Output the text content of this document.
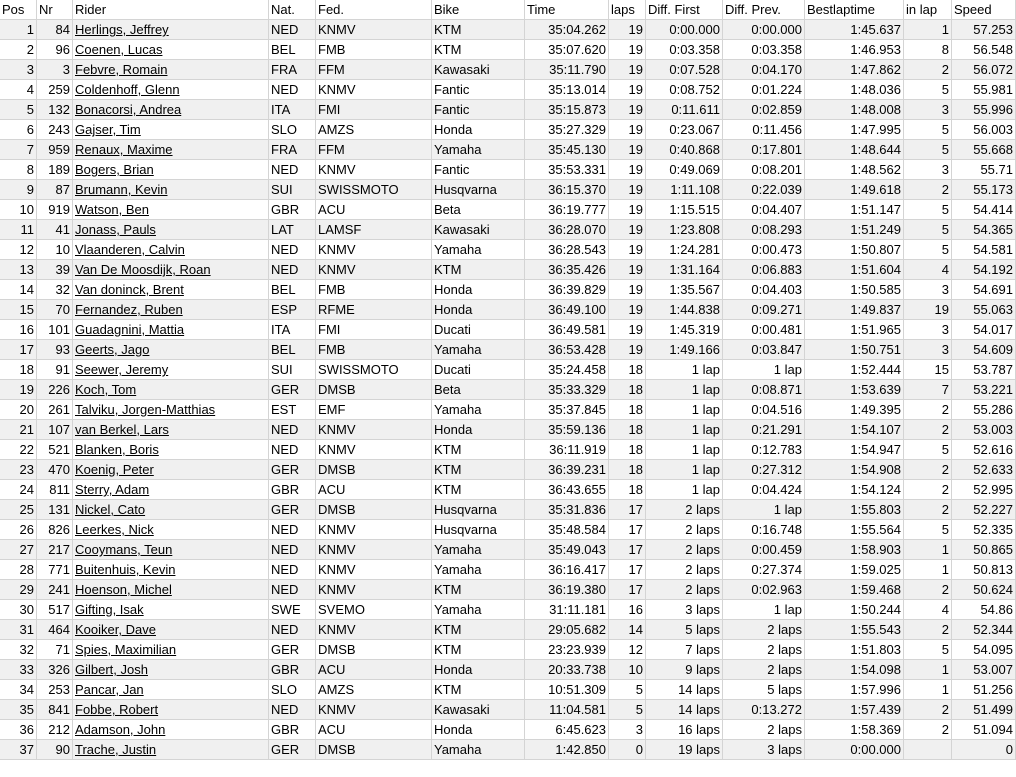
Pos	Nr	Rider	Nat.	Fed.	Bike	Time	laps	Diff. First	Diff. Prev.	Bestlaptime	in lap	Speed
1	84	Herlings, Jeffrey	NED	KNMV	KTM	35:04.262	19	0:00.000	0:00.000	1:45.637	1	57.253
2	96	Coenen, Lucas	BEL	FMB	KTM	35:07.620	19	0:03.358	0:03.358	1:46.953	8	56.548
3	3	Febvre, Romain	FRA	FFM	Kawasaki	35:11.790	19	0:07.528	0:04.170	1:47.862	2	56.072
4	259	Coldenhoff, Glenn	NED	KNMV	Fantic	35:13.014	19	0:08.752	0:01.224	1:48.036	5	55.981
5	132	Bonacorsi, Andrea	ITA	FMI	Fantic	35:15.873	19	0:11.611	0:02.859	1:48.008	3	55.996
6	243	Gajser, Tim	SLO	AMZS	Honda	35:27.329	19	0:23.067	0:11.456	1:47.995	5	56.003
7	959	Renaux, Maxime	FRA	FFM	Yamaha	35:45.130	19	0:40.868	0:17.801	1:48.644	5	55.668
8	189	Bogers, Brian	NED	KNMV	Fantic	35:53.331	19	0:49.069	0:08.201	1:48.562	3	55.71
9	87	Brumann, Kevin	SUI	SWISSMOTO	Husqvarna	36:15.370	19	1:11.108	0:22.039	1:49.618	2	55.173
10	919	Watson, Ben	GBR	ACU	Beta	36:19.777	19	1:15.515	0:04.407	1:51.147	5	54.414
11	41	Jonass, Pauls	LAT	LAMSF	Kawasaki	36:28.070	19	1:23.808	0:08.293	1:51.249	5	54.365
12	10	Vlaanderen, Calvin	NED	KNMV	Yamaha	36:28.543	19	1:24.281	0:00.473	1:50.807	5	54.581
13	39	Van De Moosdijk, Roan	NED	KNMV	KTM	36:35.426	19	1:31.164	0:06.883	1:51.604	4	54.192
14	32	Van doninck, Brent	BEL	FMB	Honda	36:39.829	19	1:35.567	0:04.403	1:50.585	3	54.691
15	70	Fernandez, Ruben	ESP	RFME	Honda	36:49.100	19	1:44.838	0:09.271	1:49.837	19	55.063
16	101	Guadagnini, Mattia	ITA	FMI	Ducati	36:49.581	19	1:45.319	0:00.481	1:51.965	3	54.017
17	93	Geerts, Jago	BEL	FMB	Yamaha	36:53.428	19	1:49.166	0:03.847	1:50.751	3	54.609
18	91	Seewer, Jeremy	SUI	SWISSMOTO	Ducati	35:24.458	18	1 lap	1 lap	1:52.444	15	53.787
19	226	Koch, Tom	GER	DMSB	Beta	35:33.329	18	1 lap	0:08.871	1:53.639	7	53.221
20	261	Talviku, Jorgen-Matthias	EST	EMF	Yamaha	35:37.845	18	1 lap	0:04.516	1:49.395	2	55.286
21	107	van Berkel, Lars	NED	KNMV	Honda	35:59.136	18	1 lap	0:21.291	1:54.107	2	53.003
22	521	Blanken, Boris	NED	KNMV	KTM	36:11.919	18	1 lap	0:12.783	1:54.947	5	52.616
23	470	Koenig, Peter	GER	DMSB	KTM	36:39.231	18	1 lap	0:27.312	1:54.908	2	52.633
24	811	Sterry, Adam	GBR	ACU	KTM	36:43.655	18	1 lap	0:04.424	1:54.124	2	52.995
25	131	Nickel, Cato	GER	DMSB	Husqvarna	35:31.836	17	2 laps	1 lap	1:55.803	2	52.227
26	826	Leerkes, Nick	NED	KNMV	Husqvarna	35:48.584	17	2 laps	0:16.748	1:55.564	5	52.335
27	217	Cooymans, Teun	NED	KNMV	Yamaha	35:49.043	17	2 laps	0:00.459	1:58.903	1	50.865
28	771	Buitenhuis, Kevin	NED	KNMV	Yamaha	36:16.417	17	2 laps	0:27.374	1:59.025	1	50.813
29	241	Hoenson, Michel	NED	KNMV	KTM	36:19.380	17	2 laps	0:02.963	1:59.468	2	50.624
30	517	Gifting, Isak	SWE	SVEMO	Yamaha	31:11.181	16	3 laps	1 lap	1:50.244	4	54.86
31	464	Kooiker, Dave	NED	KNMV	KTM	29:05.682	14	5 laps	2 laps	1:55.543	2	52.344
32	71	Spies, Maximilian	GER	DMSB	KTM	23:23.939	12	7 laps	2 laps	1:51.803	5	54.095
33	326	Gilbert, Josh	GBR	ACU	Honda	20:33.738	10	9 laps	2 laps	1:54.098	1	53.007
34	253	Pancar, Jan	SLO	AMZS	KTM	10:51.309	5	14 laps	5 laps	1:57.996	1	51.256
35	841	Fobbe, Robert	NED	KNMV	Kawasaki	11:04.581	5	14 laps	0:13.272	1:57.439	2	51.499
36	212	Adamson, John	GBR	ACU	Honda	6:45.623	3	16 laps	2 laps	1:58.369	2	51.094
37	90	Trache, Justin	GER	DMSB	Yamaha	1:42.850	0	19 laps	3 laps	0:00.000		0
